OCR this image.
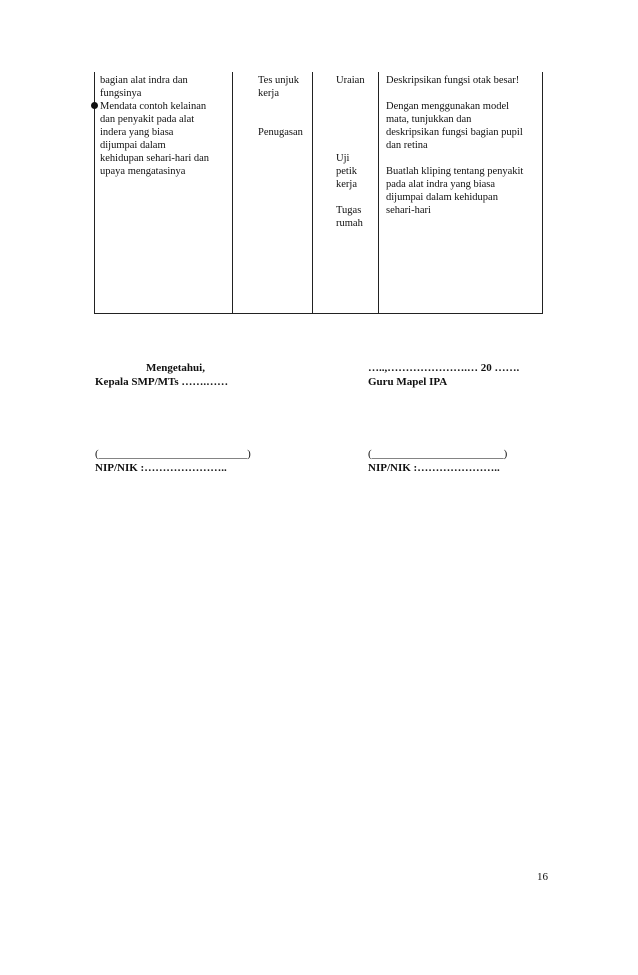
bagian alat indra dan
fungsinya
Mendata contoh kelainan
dan penyakit pada alat
indera yang biasa
dijumpai dalam
kehidupan sehari-hari dan
upaya mengatasinya

Tes unjuk
kerja
Penugasan

Uraian
Uji
petik
kerja
Tugas
rumah

Deskripsikan fungsi otak besar!
Dengan menggunakan model
mata, tunjukkan dan
deskripsikan fungsi bagian pupil
dan retina
Buatlah kliping tentang penyakit
pada alat indra yang biasa
dijumpai dalam kehidupan
sehari-hari
Mengetahui,
Kepala SMP/MTs …….……
(___________________________)
NIP/NIK :…………………..
…..,………………….… 20 …….
Guru Mapel IPA
(________________________)
NIP/NIK :…………………..
16
